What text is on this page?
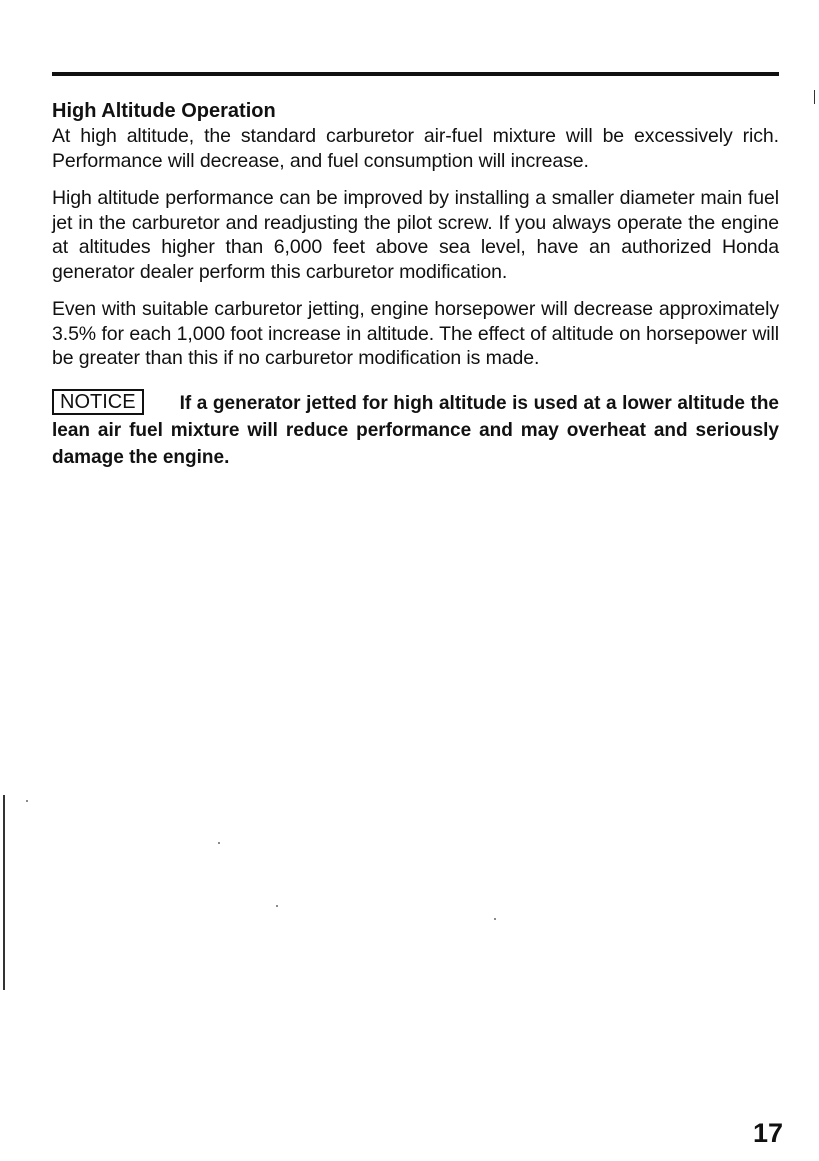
High Altitude Operation

At high altitude, the standard carburetor air-fuel mixture will be excessively rich. Performance will decrease, and fuel consumption will increase.

High altitude performance can be improved by installing a smaller diameter main fuel jet in the carburetor and readjusting the pilot screw. If you always operate the engine at altitudes higher than 6,000 feet above sea level, have an authorized Honda generator dealer perform this carburetor modification.

Even with suitable carburetor jetting, engine horsepower will decrease approximately 3.5% for each 1,000 foot increase in altitude. The effect of altitude on horsepower will be greater than this if no carburetor modification is made.

NOTICE If a generator jetted for high altitude is used at a lower altitude the lean air fuel mixture will reduce performance and may overheat and seriously damage the engine.
17
